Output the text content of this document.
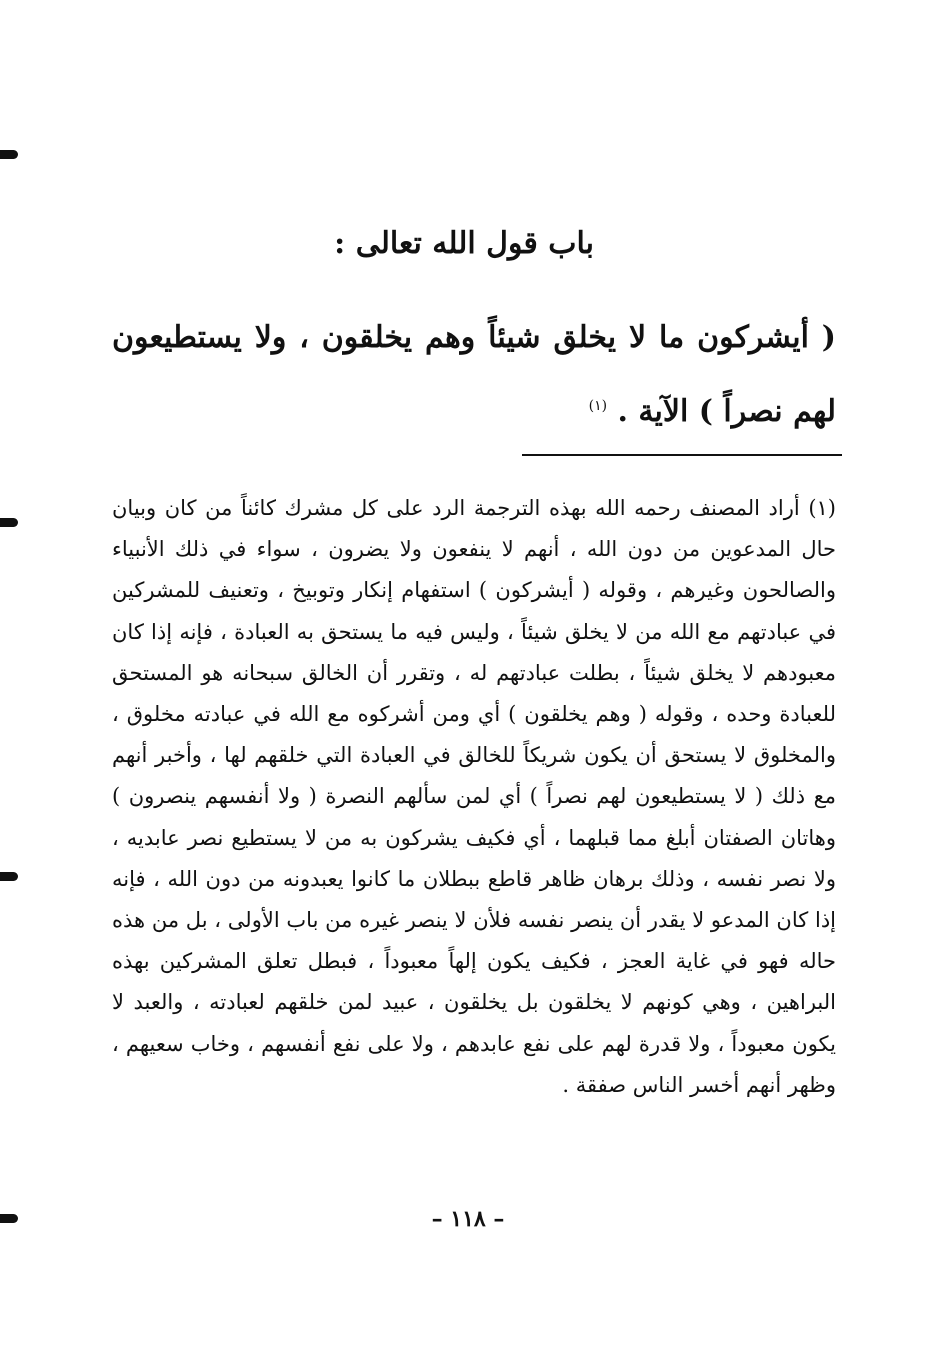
باب قول الله تعالى :
( أيشركون ما لا يخلق شيئاً وهم يخلقون ، ولا يستطيعون لهم نصراً ) الآية . $^{(١)}$
(١) أراد المصنف رحمه الله بهذه الترجمة الرد على كل مشرك كائناً من كان وبيان حال المدعوين من دون الله ، أنهم لا ينفعون ولا يضرون ، سواء في ذلك الأنبياء والصالحون وغيرهم ، وقوله ( أيشركون ) استفهام إنكار وتوبيخ ، وتعنيف للمشركين في عبادتهم مع الله من لا يخلق شيئاً ، وليس فيه ما يستحق به العبادة ، فإنه إذا كان معبودهم لا يخلق شيئاً ، بطلت عبادتهم له ، وتقرر أن الخالق سبحانه هو المستحق للعبادة وحده ، وقوله ( وهم يخلقون ) أي ومن أشركوه مع الله في عبادته مخلوق ، والمخلوق لا يستحق أن يكون شريكاً للخالق في العبادة التي خلقهم لها ، وأخبر أنهم مع ذلك ( لا يستطيعون لهم نصراً ) أي لمن سألهم النصرة ( ولا أنفسهم ينصرون ) وهاتان الصفتان أبلغ مما قبلهما ، أي فكيف يشركون به من لا يستطيع نصر عابديه ، ولا نصر نفسه ، وذلك برهان ظاهر قاطع ببطلان ما كانوا يعبدونه من دون الله ، فإنه إذا كان المدعو لا يقدر أن ينصر نفسه فلأن لا ينصر غيره من باب الأولى ، بل من هذه حاله فهو في غاية العجز ، فكيف يكون إلهاً معبوداً ، فبطل تعلق المشركين بهذه البراهين ، وهي كونهم لا يخلقون بل يخلقون ، عبيد لمن خلقهم لعبادته ، والعبد لا يكون معبوداً ، ولا قدرة لهم على نفع عابدهم ، ولا على نفع أنفسهم ، وخاب سعيهم ، وظهر أنهم أخسر الناس صفقة .
– ١١٨ –
